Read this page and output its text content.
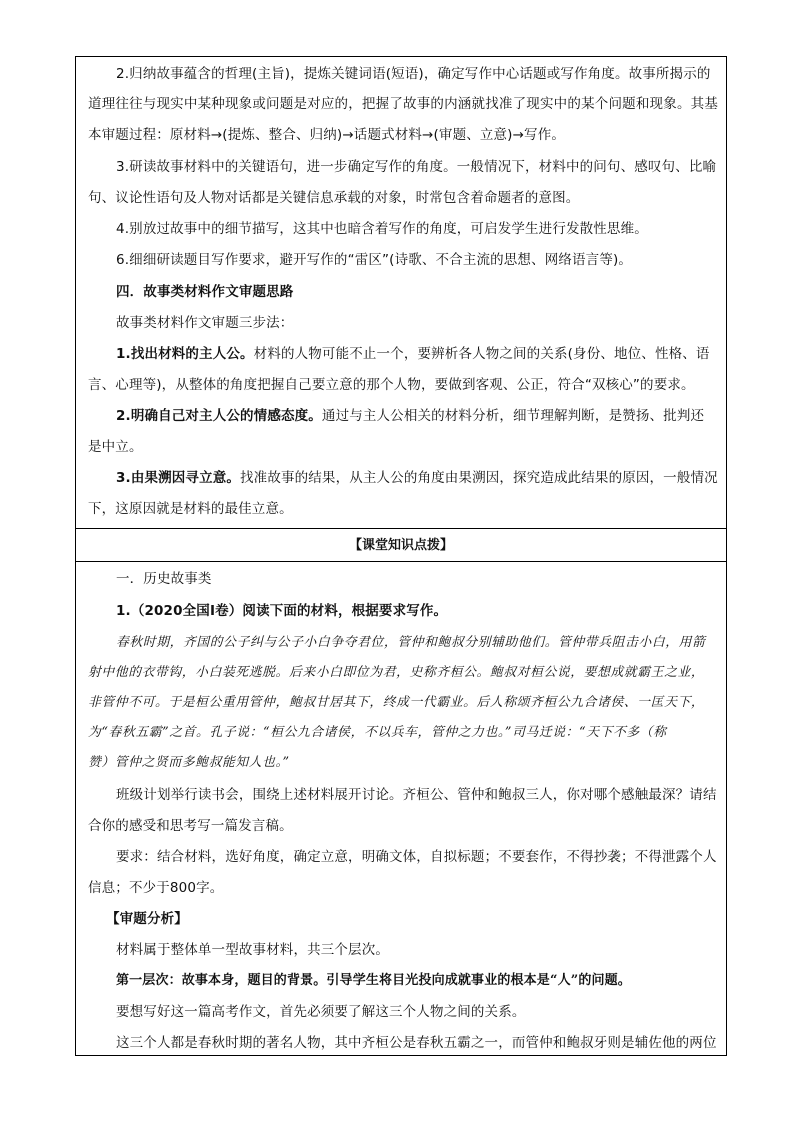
2.归纳故事蕴含的哲理(主旨)，提炼关键词语(短语)，确定写作中心话题或写作角度。故事所揭示的
道理往往与现实中某种现象或问题是对应的，把握了故事的内涵就找准了现实中的某个问题和现象。其基
本审题过程：原材料→(提炼、整合、归纳)→话题式材料→(审题、立意)→写作。
3.研读故事材料中的关键语句，进一步确定写作的角度。一般情况下，材料中的问句、感叹句、比喻
句、议论性语句及人物对话都是关键信息承载的对象，时常包含着命题者的意图。
4.别放过故事中的细节描写，这其中也暗含着写作的角度，可启发学生进行发散性思维。
6.细细研读题目写作要求，避开写作的“雷区”(诗歌、不合主流的思想、网络语言等)。
四．故事类材料作文审题思路
故事类材料作文审题三步法：
1.找出材料的主人公。材料的人物可能不止一个，要辨析各人物之间的关系(身份、地位、性格、语
言、心理等)，从整体的角度把握自己要立意的那个人物，要做到客观、公正，符合“双核心”的要求。
2.明确自己对主人公的情感态度。通过与主人公相关的材料分析，细节理解判断，是赞扬、批判还
是中立。
3.由果溯因寻立意。找准故事的结果，从主人公的角度由果溯因，探究造成此结果的原因，一般情况
下，这原因就是材料的最佳立意。
【课堂知识点拨】
一．历史故事类
1.（2020全国Ⅰ卷）阅读下面的材料，根据要求写作。
春秋时期，齐国的公子纠与公子小白争夺君位，管仲和鲍叔分别辅助他们。管仲带兵阻击小白，用箭
射中他的衣带钩，小白装死逃脱。后来小白即位为君，史称齐桓公。鲍叔对桓公说，要想成就霸王之业，
非管仲不可。于是桓公重用管仲，鲍叔甘居其下，终成一代霸业。后人称颂齐桓公九合诸侯、一匡天下，
为“春秋五霸”之首。孔子说：“桓公九合诸侯，不以兵车，管仲之力也。”司马迁说：“天下不多（称
赞）管仲之贤而多鲍叔能知人也。”
班级计划举行读书会，围绕上述材料展开讨论。齐桓公、管仲和鲍叔三人，你对哪个感触最深？请结
合你的感受和思考写一篇发言稿。
要求：结合材料，选好角度，确定立意，明确文体，自拟标题；不要套作，不得抄袭；不得泄露个人
信息；不少于800字。
【审题分析】
材料属于整体单一型故事材料，共三个层次。
第一层次：故事本身，题目的背景。引导学生将目光投向成就事业的根本是“人”的问题。
要想写好这一篇高考作文，首先必须要了解这三个人物之间的关系。
这三个人都是春秋时期的著名人物，其中齐桓公是春秋五霸之一，而管仲和鲍叔牙则是辅佐他的两位
